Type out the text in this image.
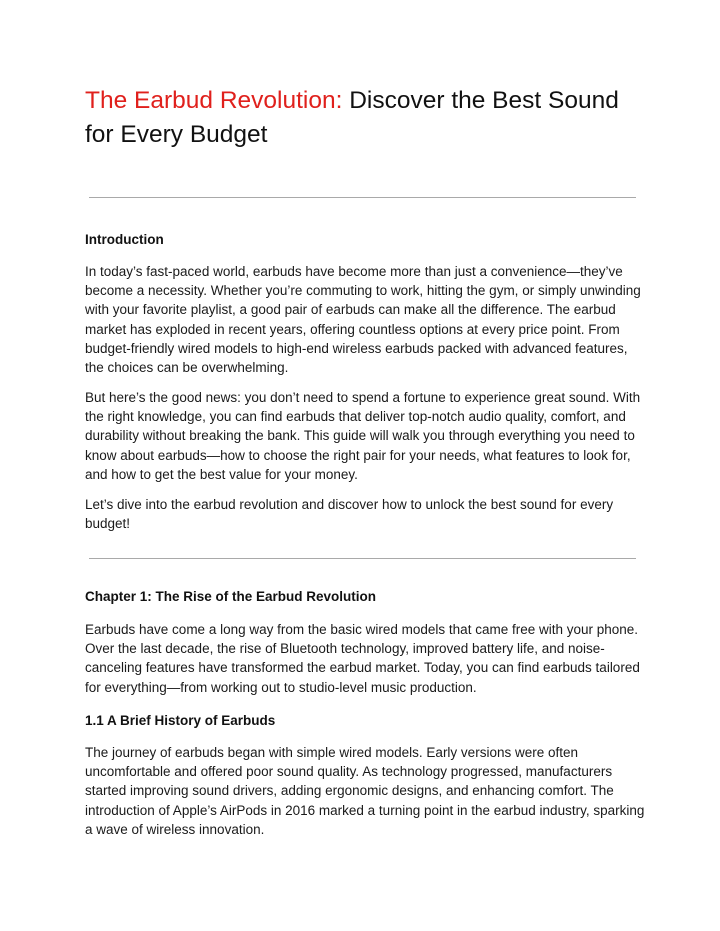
The Earbud Revolution: Discover the Best Sound for Every Budget
Introduction

In today’s fast-paced world, earbuds have become more than just a convenience—they’ve become a necessity. Whether you’re commuting to work, hitting the gym, or simply unwinding with your favorite playlist, a good pair of earbuds can make all the difference. The earbud market has exploded in recent years, offering countless options at every price point. From budget-friendly wired models to high-end wireless earbuds packed with advanced features, the choices can be overwhelming.

But here’s the good news: you don’t need to spend a fortune to experience great sound. With the right knowledge, you can find earbuds that deliver top-notch audio quality, comfort, and durability without breaking the bank. This guide will walk you through everything you need to know about earbuds—how to choose the right pair for your needs, what features to look for, and how to get the best value for your money.

Let’s dive into the earbud revolution and discover how to unlock the best sound for every budget!

Chapter 1: The Rise of the Earbud Revolution

Earbuds have come a long way from the basic wired models that came free with your phone. Over the last decade, the rise of Bluetooth technology, improved battery life, and noise-canceling features have transformed the earbud market. Today, you can find earbuds tailored for everything—from working out to studio-level music production.

1.1 A Brief History of Earbuds

The journey of earbuds began with simple wired models. Early versions were often uncomfortable and offered poor sound quality. As technology progressed, manufacturers started improving sound drivers, adding ergonomic designs, and enhancing comfort. The introduction of Apple’s AirPods in 2016 marked a turning point in the earbud industry, sparking a wave of wireless innovation.
